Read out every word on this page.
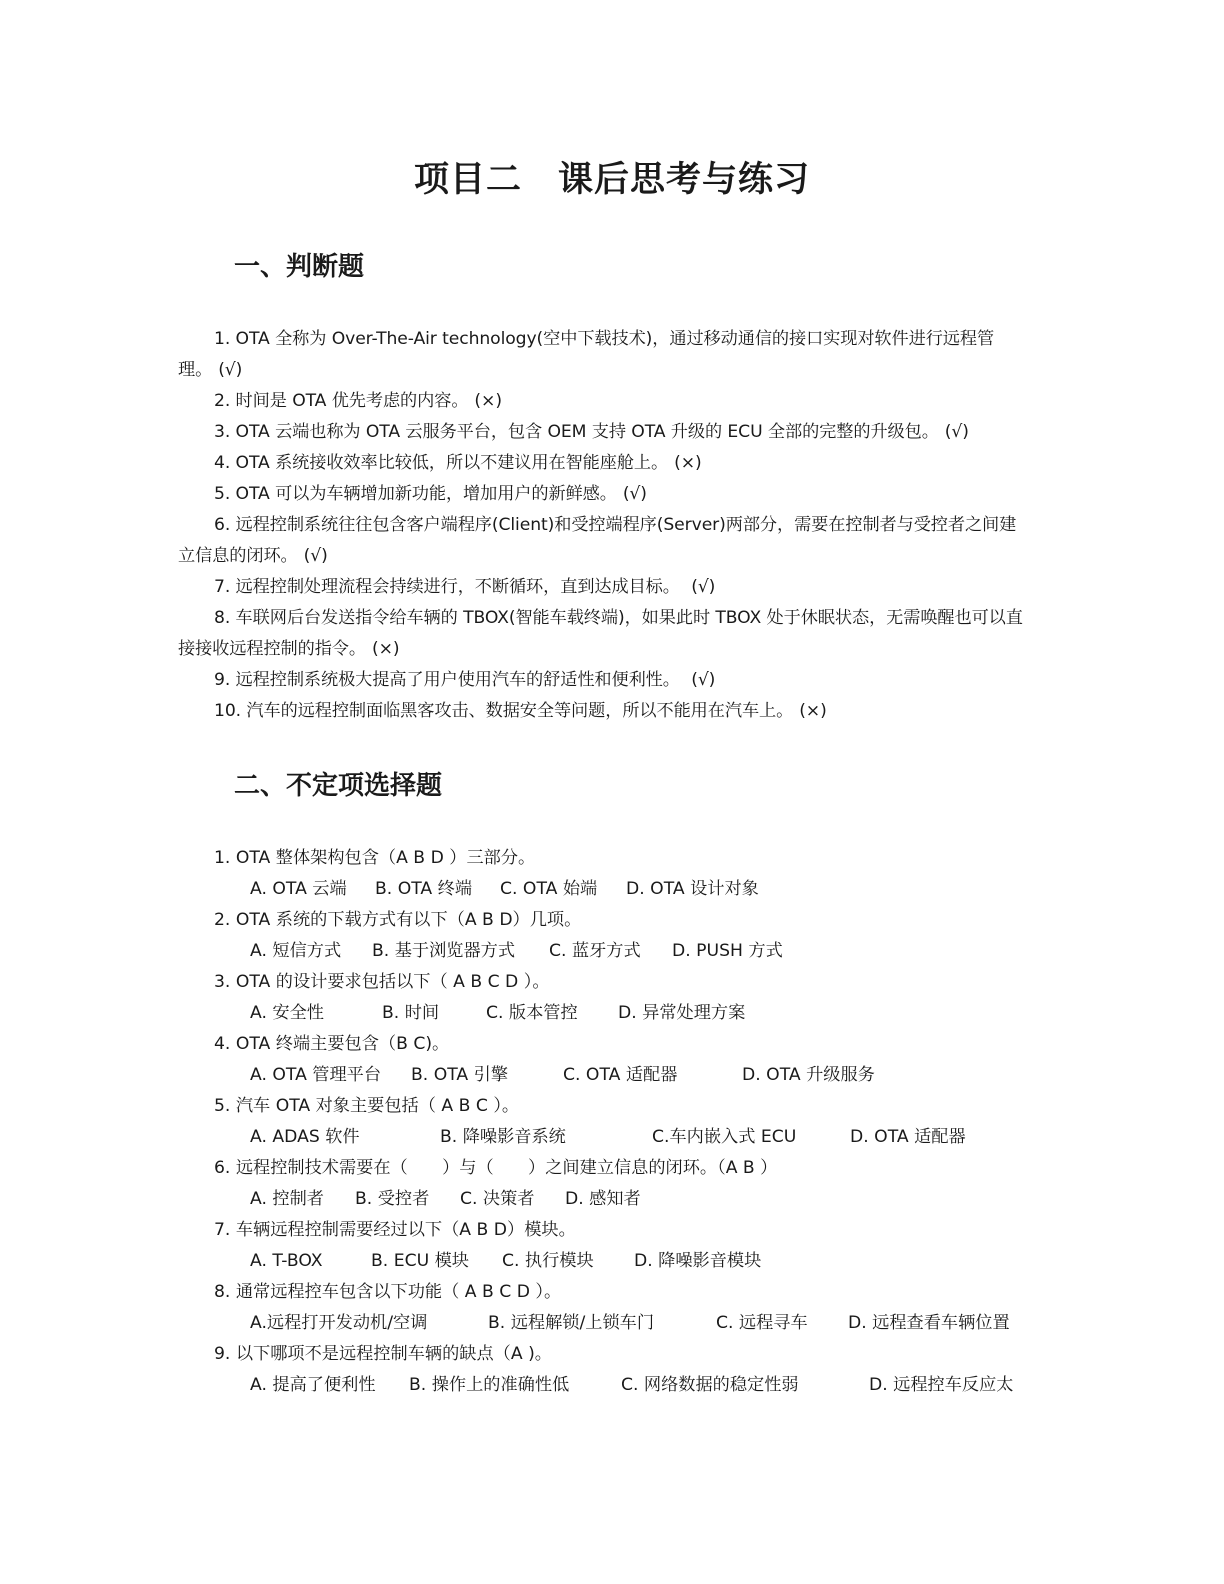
项目二　课后思考与练习
一、判断题
1. OTA 全称为 Over-The-Air technology(空中下载技术)，通过移动通信的接口实现对软件进行远程管理。 (√)
2. 时间是 OTA 优先考虑的内容。 (×)
3. OTA 云端也称为 OTA 云服务平台，包含 OEM 支持 OTA 升级的 ECU 全部的完整的升级包。 (√)
4. OTA 系统接收效率比较低，所以不建议用在智能座舱上。 (×)
5. OTA 可以为车辆增加新功能，增加用户的新鲜感。 (√)
6. 远程控制系统往往包含客户端程序(Client)和受控端程序(Server)两部分，需要在控制者与受控者之间建立信息的闭环。 (√)
7. 远程控制处理流程会持续进行，不断循环，直到达成目标。 (√)
8. 车联网后台发送指令给车辆的 TBOX(智能车载终端)，如果此时 TBOX 处于休眠状态，无需唤醒也可以直接接收远程控制的指令。 (×)
9. 远程控制系统极大提高了用户使用汽车的舒适性和便利性。 (√)
10. 汽车的远程控制面临黑客攻击、数据安全等问题，所以不能用在汽车上。 (×)
二、不定项选择题
1. OTA 整体架构包含（A B D ）三部分。
A. OTA 云端 B. OTA 终端 C. OTA 始端 D. OTA 设计对象
2. OTA 系统的下载方式有以下（A B D）几项。
A. 短信方式 B. 基于浏览器方式 C. 蓝牙方式 D. PUSH 方式
3. OTA 的设计要求包括以下（ A B C D ）。
A. 安全性	B. 时间	C. 版本管控 D. 异常处理方案
4. OTA 终端主要包含（B C)。
A. OTA 管理平台 B. OTA 引擎	C. OTA 适配器	D. OTA 升级服务
5. 汽车 OTA 对象主要包括（ A B C ）。
A. ADAS 软件	B. 降噪影音系统	C.车内嵌入式 ECU	D. OTA 适配器
6. 远程控制技术需要在（　　）与（　　）之间建立信息的闭环。（A B ）
A. 控制者 B. 受控者 C. 决策者 D. 感知者
7. 车辆远程控制需要经过以下（A B D）模块。
A. T-BOX	B. ECU 模块 C. 执行模块 D. 降噪影音模块
8. 通常远程控车包含以下功能（ A B C D ）。
A.远程打开发动机/空调	B. 远程解锁/上锁车门	C. 远程寻车 D. 远程查看车辆位置
9. 以下哪项不是远程控制车辆的缺点（A )。
A. 提高了便利性 B. 操作上的准确性低	C. 网络数据的稳定性弱	D. 远程控车反应太
